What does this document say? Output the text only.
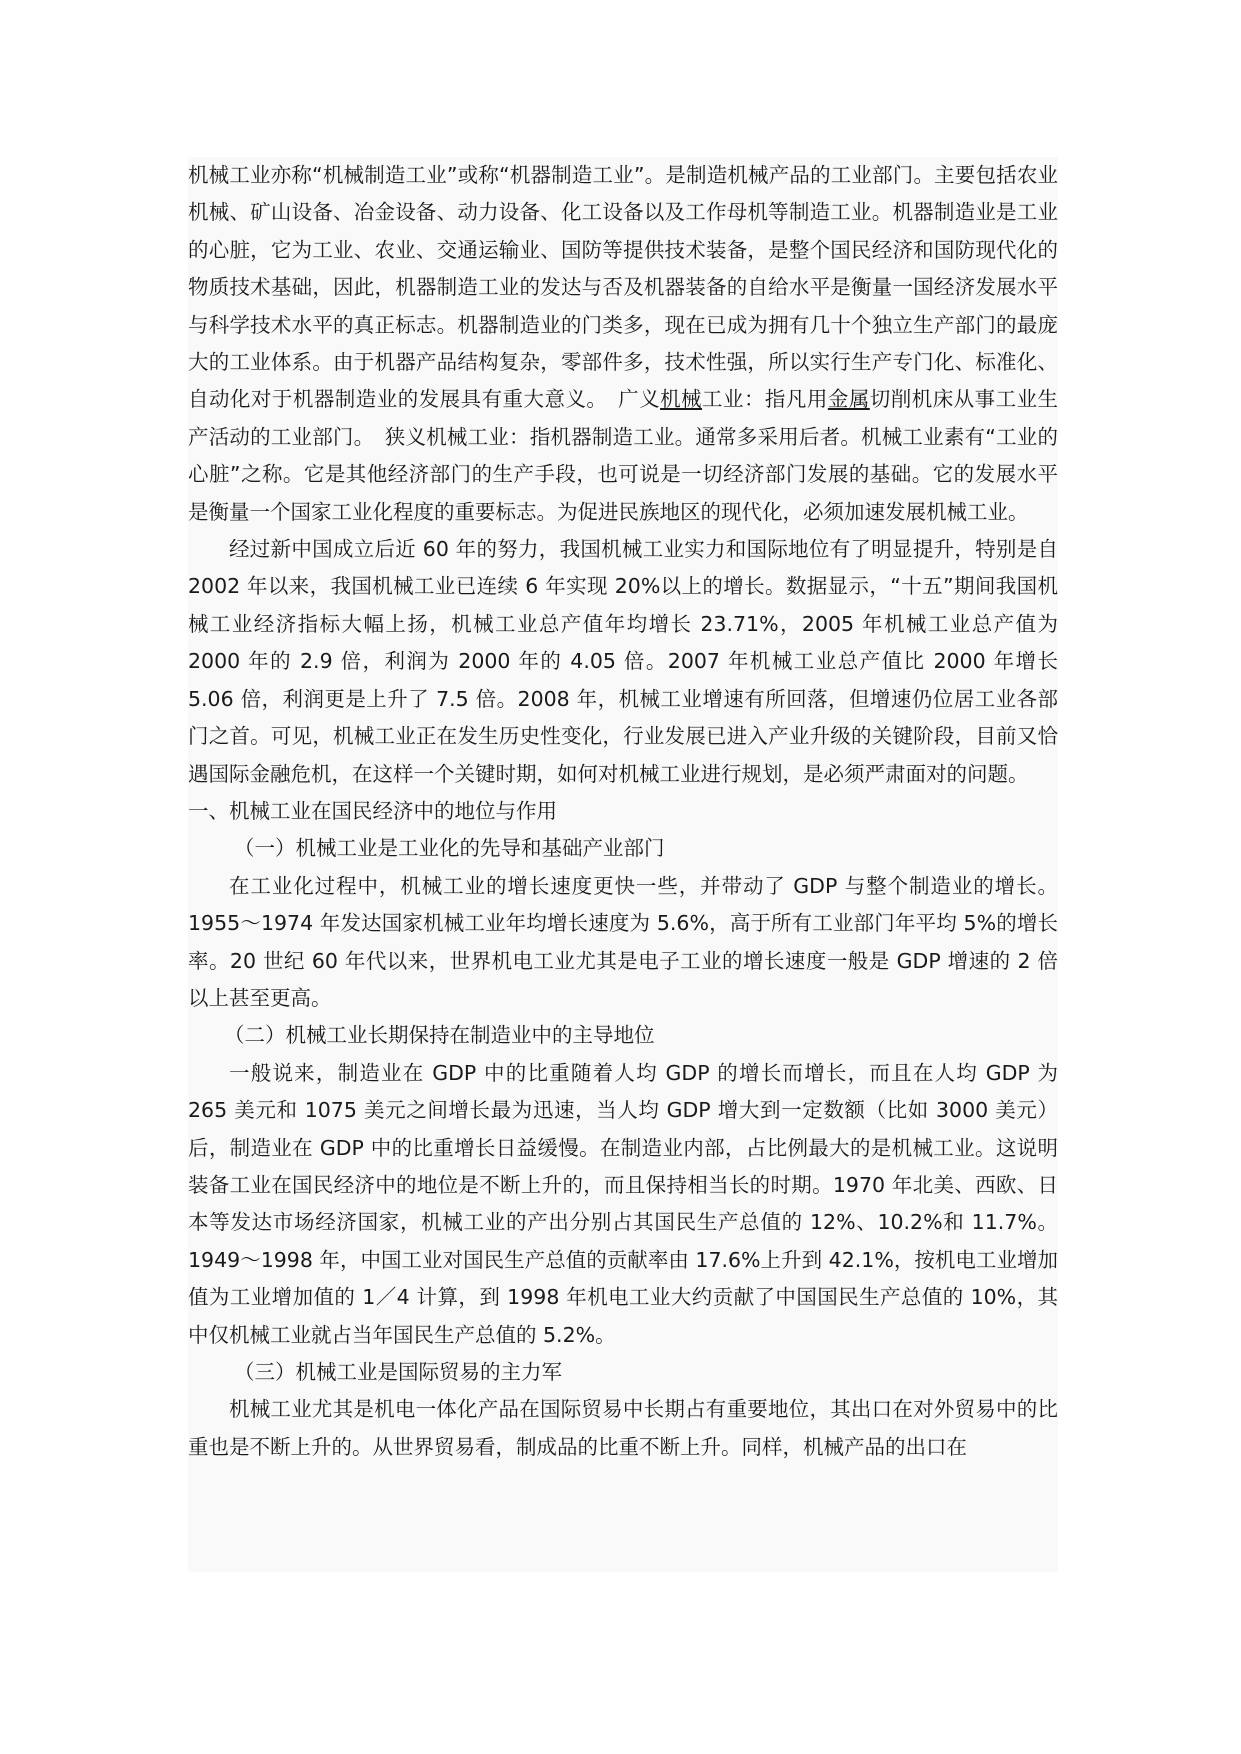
机械工业亦称“机械制造工业”或称“机器制造工业”。是制造机械产品的工业部门。主要包括农业机械、矿山设备、冶金设备、动力设备、化工设备以及工作母机等制造工业。机器制造业是工业的心脏，它为工业、农业、交通运输业、国防等提供技术装备，是整个国民经济和国防现代化的物质技术基础，因此，机器制造工业的发达与否及机器装备的自给水平是衡量一国经济发展水平与科学技术水平的真正标志。机器制造业的门类多，现在已成为拥有几十个独立生产部门的最庞大的工业体系。由于机器产品结构复杂，零部件多，技术性强，所以实行生产专门化、标准化、自动化对于机器制造业的发展具有重大意义。　广义机械工业：指凡用金属切削机床从事工业生产活动的工业部门。　狭义机械工业：指机器制造工业。通常多采用后者。机械工业素有“工业的心脏”之称。它是其他经济部门的生产手段，也可说是一切经济部门发展的基础。它的发展水平是衡量一个国家工业化程度的重要标志。为促进民族地区的现代化，必须加速发展机械工业。

经过新中国成立后近 60 年的努力，我国机械工业实力和国际地位有了明显提升，特别是自 2002 年以来，我国机械工业已连续 6 年实现 20%以上的增长。数据显示，“十五”期间我国机械工业经济指标大幅上扬，机械工业总产值年均增长 23.71%，2005 年机械工业总产值为 2000 年的 2.9 倍，利润为 2000 年的 4.05 倍。2007 年机械工业总产值比 2000 年增长 5.06 倍，利润更是上升了 7.5 倍。2008 年，机械工业增速有所回落，但增速仍位居工业各部门之首。可见，机械工业正在发生历史性变化，行业发展已进入产业升级的关键阶段，目前又恰遇国际金融危机，在这样一个关键时期，如何对机械工业进行规划，是必须严肃面对的问题。

一、机械工业在国民经济中的地位与作用

（一）机械工业是工业化的先导和基础产业部门

在工业化过程中，机械工业的增长速度更快一些，并带动了 GDP 与整个制造业的增长。1955～1974 年发达国家机械工业年均增长速度为 5.6%，高于所有工业部门年平均 5%的增长率。20 世纪 60 年代以来，世界机电工业尤其是电子工业的增长速度一般是 GDP 增速的 2 倍以上甚至更高。

（二）机械工业长期保持在制造业中的主导地位

一般说来，制造业在 GDP 中的比重随着人均 GDP 的增长而增长，而且在人均 GDP 为 265 美元和 1075 美元之间增长最为迅速，当人均 GDP 增大到一定数额（比如 3000 美元）后，制造业在 GDP 中的比重增长日益缓慢。在制造业内部，占比例最大的是机械工业。这说明装备工业在国民经济中的地位是不断上升的，而且保持相当长的时期。1970 年北美、西欧、日本等发达市场经济国家，机械工业的产出分别占其国民生产总值的 12%、10.2%和 11.7%。1949～1998 年，中国工业对国民生产总值的贡献率由 17.6%上升到 42.1%，按机电工业增加值为工业增加值的 1／4 计算，到 1998 年机电工业大约贡献了中国国民生产总值的 10%，其中仅机械工业就占当年国民生产总值的 5.2%。

（三）机械工业是国际贸易的主力军

机械工业尤其是机电一体化产品在国际贸易中长期占有重要地位，其出口在对外贸易中的比重也是不断上升的。从世界贸易看，制成品的比重不断上升。同样，机械产品的出口在
